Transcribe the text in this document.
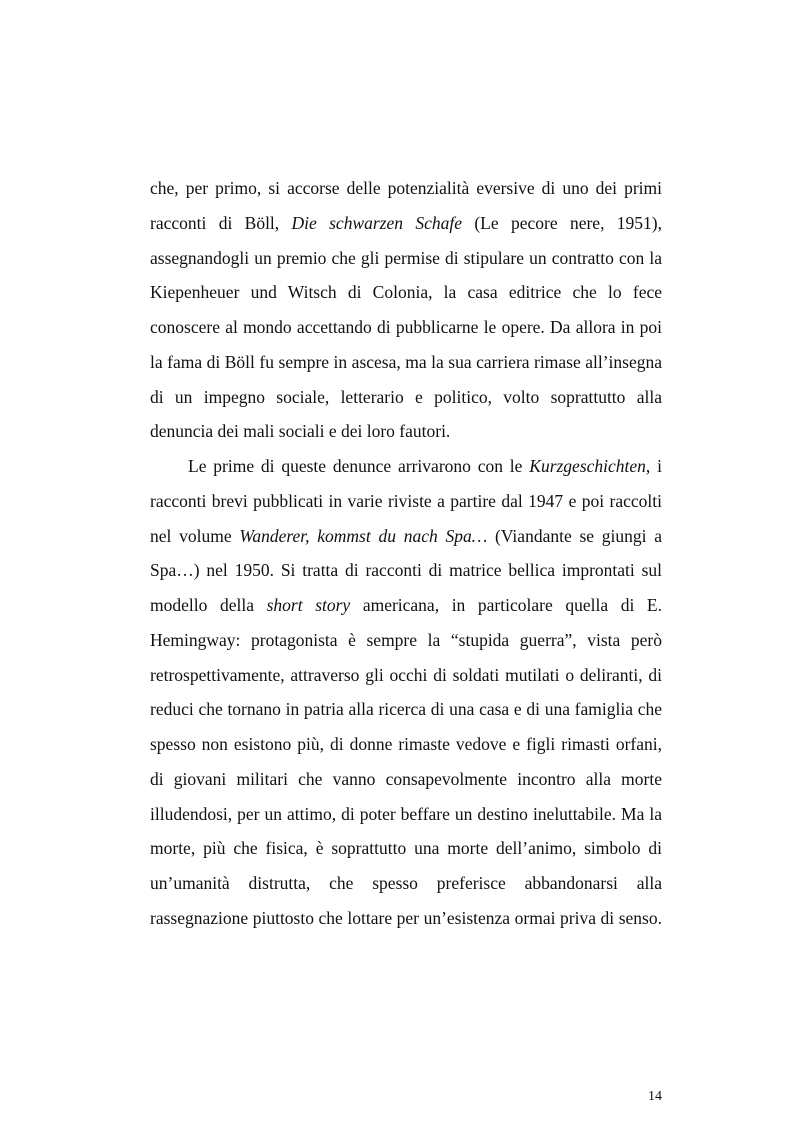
che, per primo, si accorse delle potenzialità eversive di uno dei primi racconti di Böll, Die schwarzen Schafe (Le pecore nere, 1951), assegnandogli un premio che gli permise di stipulare un contratto con la Kiepenheuer und Witsch di Colonia, la casa editrice che lo fece conoscere al mondo accettando di pubblicarne le opere. Da allora in poi la fama di Böll fu sempre in ascesa, ma la sua carriera rimase all’insegna di un impegno sociale, letterario e politico, volto soprattutto alla denuncia dei mali sociali e dei loro fautori.

Le prime di queste denunce arrivarono con le Kurzgeschichten, i racconti brevi pubblicati in varie riviste a partire dal 1947 e poi raccolti nel volume Wanderer, kommst du nach Spa… (Viandante se giungi a Spa…) nel 1950. Si tratta di racconti di matrice bellica improntati sul modello della short story americana, in particolare quella di E. Hemingway: protagonista è sempre la “stupida guerra”, vista però retrospettivamente, attraverso gli occhi di soldati mutilati o deliranti, di reduci che tornano in patria alla ricerca di una casa e di una famiglia che spesso non esistono più, di donne rimaste vedove e figli rimasti orfani, di giovani militari che vanno consapevolmente incontro alla morte illudendosi, per un attimo, di poter beffare un destino ineluttabile. Ma la morte, più che fisica, è soprattutto una morte dell’animo, simbolo di un’umanità distrutta, che spesso preferisce abbandonarsi alla rassegnazione piuttosto che lottare per un’esistenza ormai priva di senso.

14
